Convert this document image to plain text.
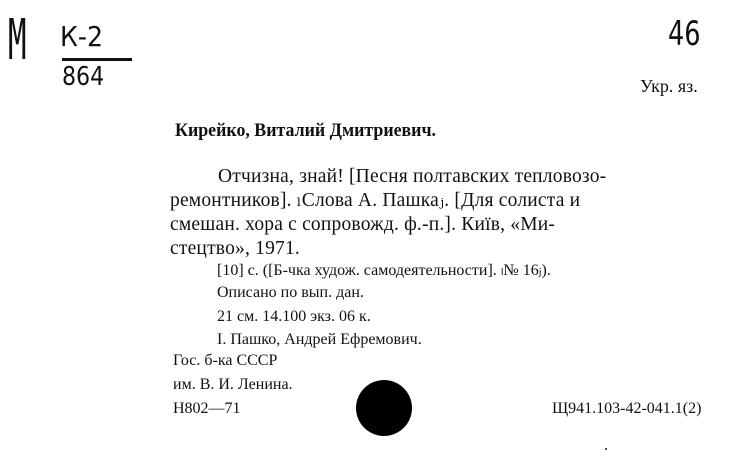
М К-2
864
46
Укр. яз.
Кирейко, Виталий Дмитриевич.
Отчизна, знай! [Песня полтавских тепловозо-
ремонтников]. ₗСлова А. Пашкаⱼ. [Для солиста и
смешан. хора с сопровожд. ф.-п.]. Київ, «Ми-
стецтво», 1971.
[10] с. ([Б-чка худож. самодеятельности]. ₗ№ 16ⱼ).
Описано по вып. дан.
21 см. 14.100 экз. 06 к.
I. Пашко, Андрей Ефремович.
Гос. б-ка СССР
им. В. И. Ленина.
Н802—71	Щ941.103-42-041.1(2)
